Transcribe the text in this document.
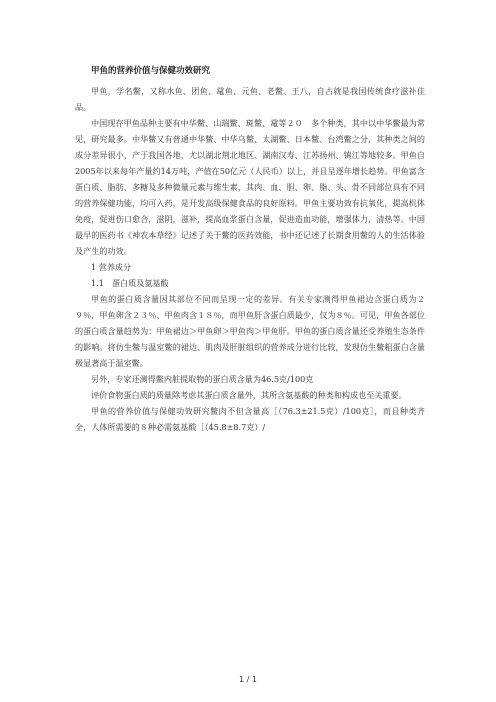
甲鱼的营养价值与保健功效研究

甲鱼，学名鳖，又称水鱼、团鱼、鼋鱼、元鱼、老鳖、王八，自古就是我国传统食疗滋补佳品。

中国现存甲鱼品种主要有中华鳖、山瑞鳖、斑鳖、鼋等２０　多个种类，其中以中华鳖最为常见，研究最多。中华鳖又有普通中华鳖、中华乌鳖、太湖鳖、日本鳖、台湾鳖之分，其种类之间的成分差异很小，产于我国各地，尤以湖北荆北地区、湖南汉寿、江苏扬州、镇江等地较多。甲鱼自2005年以来每年产量约14万吨，产值在50亿元（人民币）以上，并且呈逐年增长趋势。甲鱼富含蛋白质、脂肪、多糖及多种微量元素与维生素，其肉、血、胆、卵、脂、头、骨不同部位具有不同的营养保健功能，均可入药，是开发高级保健食品的良好原料。甲鱼主要功效有抗氧化，提高机体免疫，促进伤口愈合，滋阴，滋补，提高血浆蛋白含量，促进造血功能，增强体力，清热等。中国最早的医药书《神农本草经》记述了关于鳖的医药效能，书中还记述了长期食用鳖的人的生活体验及产生的功效。

1 营养成分

1.1　蛋白质及氨基酸

甲鱼的蛋白质含量因其部位不同而呈现一定的差异。有关专家测得甲鱼裙边含蛋白质为２９％，甲鱼卵含２３％、甲鱼肉含１８％，而甲鱼肝含蛋白质最少，仅为８％。可见，甲鱼各部位的蛋白质含量趋势为：甲鱼裙边＞甲鱼卵＞甲鱼肉＞甲鱼肝。甲鱼的蛋白质含量还受养殖生态条件的影响。将仿生鳖与温室鳖的裙边、肌肉及肝脏组织的营养成分进行比较，发现仿生鳖粗蛋白含量极显著高于温室鳖。

另外，专家还测得鳖内脏提取物的蛋白质含量为46.5克/100克

评价食物蛋白质的质量除考虑其蛋白质含量外，其所含氨基酸的种类和构成也至关重要。

甲鱼的营养价值与保健功效研究鳖肉不但含量高［（76.3±21.5克）/100克］，而且种类齐全，人体所需要的８种必需氨基酸［（45.8±8.7克）/

1 / 1
